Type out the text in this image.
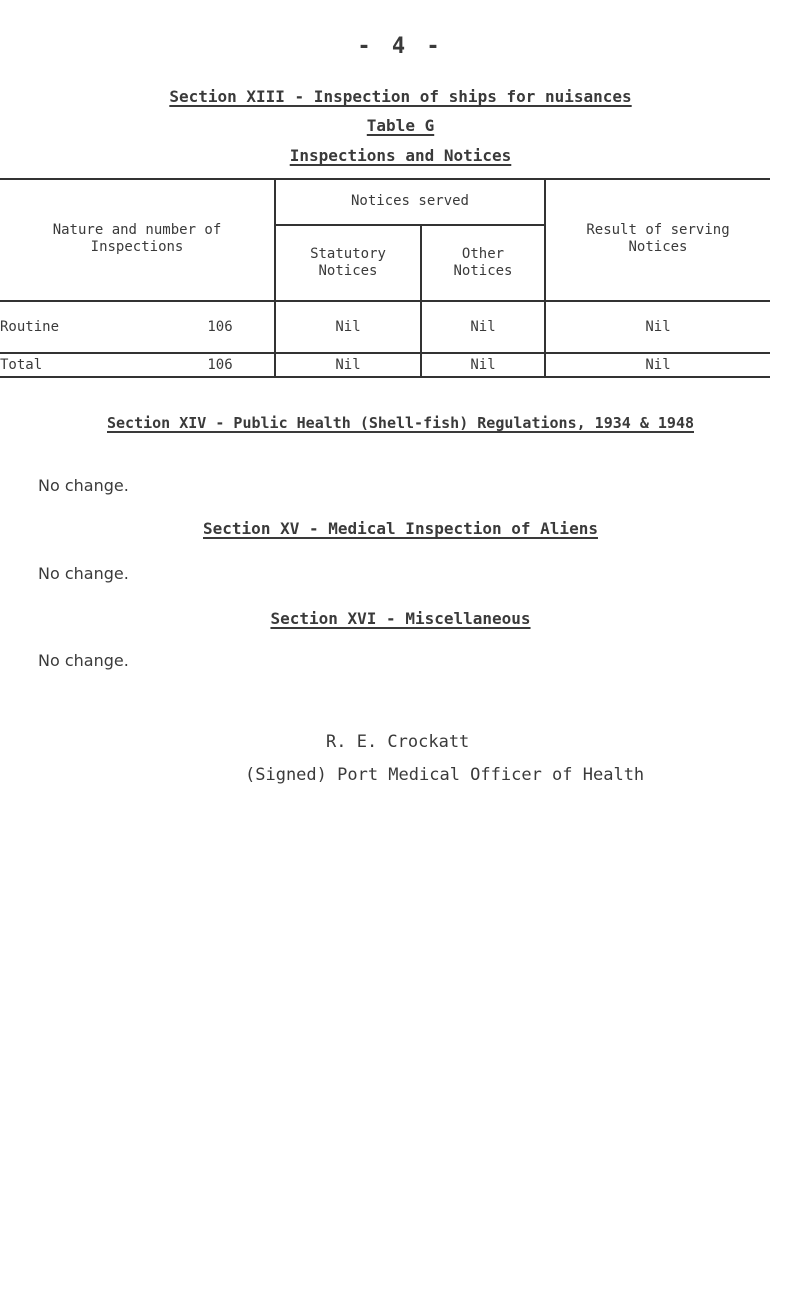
- 4 -
Section XIII - Inspection of ships for nuisances
Table G
Inspections and Notices
Nature and number of Inspections
Notices served
Statutory Notices
Other Notices
Result of serving Notices
Routine	106	Nil	Nil	Nil
Total	106	Nil	Nil	Nil
Section XIV - Public Health (Shell-fish) Regulations, 1934 & 1948
No change.
Section XV - Medical Inspection of Aliens
No change.
Section XVI - Miscellaneous
No change.
R. E. Crockatt
(Signed) Port Medical Officer of Health
